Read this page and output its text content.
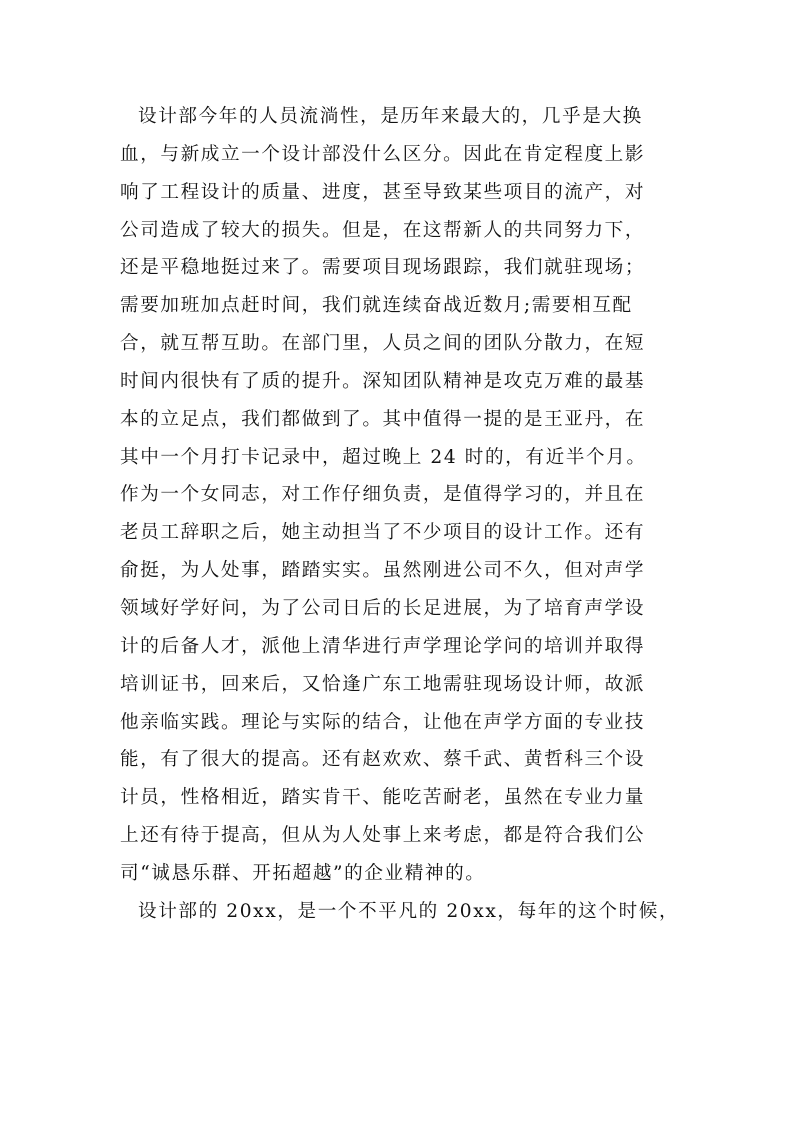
设计部今年的人员流淌性，是历年来最大的，几乎是大换
血，与新成立一个设计部没什么区分。因此在肯定程度上影
响了工程设计的质量、进度，甚至导致某些项目的流产，对
公司造成了较大的损失。但是，在这帮新人的共同努力下，
还是平稳地挺过来了。需要项目现场跟踪，我们就驻现场；
需要加班加点赶时间，我们就连续奋战近数月;需要相互配
合，就互帮互助。在部门里，人员之间的团队分散力，在短
时间内很快有了质的提升。深知团队精神是攻克万难的最基
本的立足点，我们都做到了。其中值得一提的是王亚丹，在
其中一个月打卡记录中，超过晚上 24 时的，有近半个月。
作为一个女同志，对工作仔细负责，是值得学习的，并且在
老员工辞职之后，她主动担当了不少项目的设计工作。还有
俞挺，为人处事，踏踏实实。虽然刚进公司不久，但对声学
领域好学好问，为了公司日后的长足进展，为了培育声学设
计的后备人才，派他上清华进行声学理论学问的培训并取得
培训证书，回来后，又恰逢广东工地需驻现场设计师，故派
他亲临实践。理论与实际的结合，让他在声学方面的专业技
能，有了很大的提高。还有赵欢欢、蔡千武、黄哲科三个设
计员，性格相近，踏实肯干、能吃苦耐老，虽然在专业力量
上还有待于提高，但从为人处事上来考虑，都是符合我们公
司“诚恳乐群、开拓超越”的企业精神的。
设计部的 20xx，是一个不平凡的 20xx，每年的这个时候，
